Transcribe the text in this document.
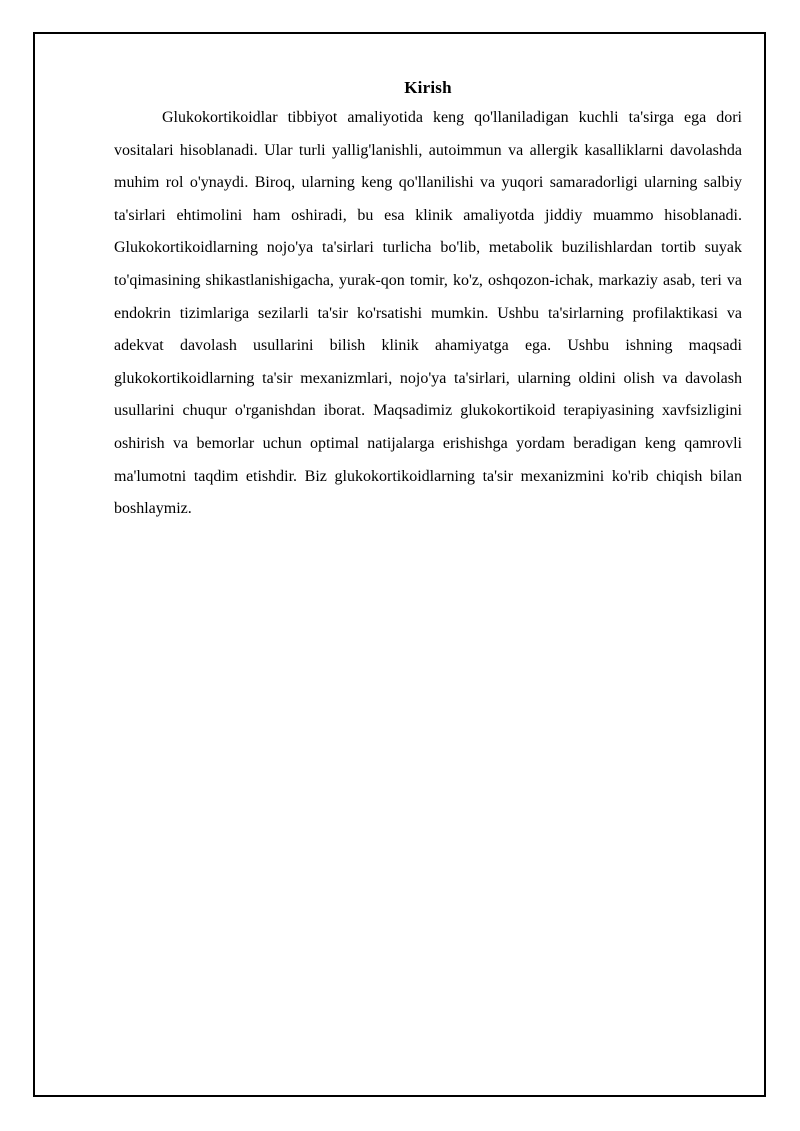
Kirish

Glukokortikoidlar tibbiyot amaliyotida keng qo'llaniladigan kuchli ta'sirga ega dori vositalari hisoblanadi. Ular turli yallig'lanishli, autoimmun va allergik kasalliklarni davolashda muhim rol o'ynaydi. Biroq, ularning keng qo'llanilishi va yuqori samaradorligi ularning salbiy ta'sirlari ehtimolini ham oshiradi, bu esa klinik amaliyotda jiddiy muammo hisoblanadi. Glukokortikoidlarning nojo'ya ta'sirlari turlicha bo'lib, metabolik buzilishlardan tortib suyak to'qimasining shikastlanishigacha, yurak-qon tomir, ko'z, oshqozon-ichak, markaziy asab, teri va endokrin tizimlariga sezilarli ta'sir ko'rsatishi mumkin. Ushbu ta'sirlarning profilaktikasi va adekvat davolash usullarini bilish klinik ahamiyatga ega. Ushbu ishning maqsadi glukokortikoidlarning ta'sir mexanizmlari, nojo'ya ta'sirlari, ularning oldini olish va davolash usullarini chuqur o'rganishdan iborat. Maqsadimiz glukokortikoid terapiyasining xavfsizligini oshirish va bemorlar uchun optimal natijalarga erishishga yordam beradigan keng qamrovli ma'lumotni taqdim etishdir. Biz glukokortikoidlarning ta'sir mexanizmini ko'rib chiqish bilan boshlaymiz.
